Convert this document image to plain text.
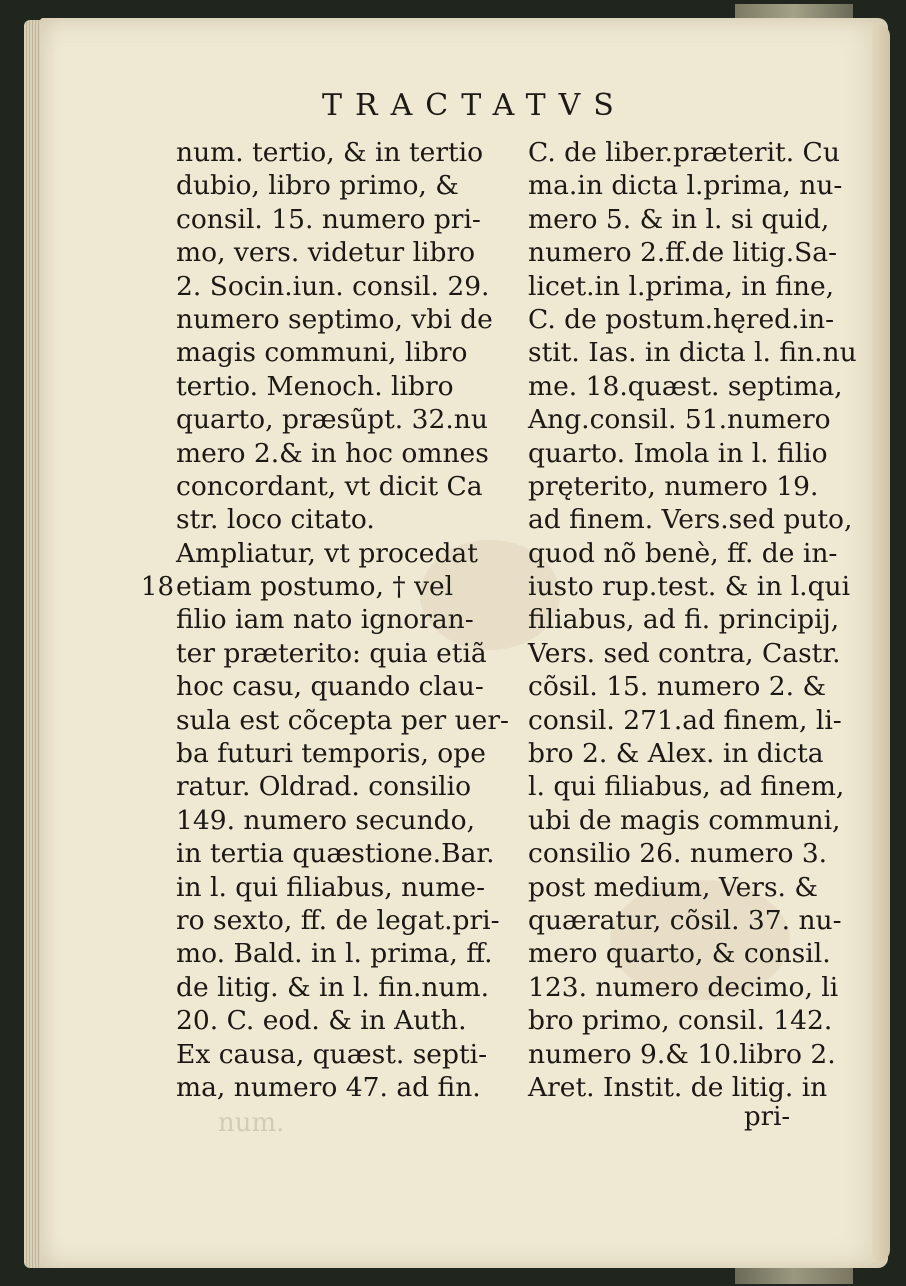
num.
TRACTATVS
num. tertio, & in tertio
dubio, libro primo, &
consil. 15. numero pri-
mo, vers. videtur libro
2. Socin.iun. consil. 29.
numero septimo, vbi de
magis communi, libro
tertio. Menoch. libro
quarto, præsũpt. 32.nu
mero 2.& in hoc omnes
concordant, vt dicit Ca
str. loco citato.
Ampliatur, vt procedat
etiam postumo, † vel
filio iam nato ignoran-
ter præterito: quia etiã
hoc casu, quando clau-
sula est cõcepta per uer-
ba futuri temporis, ope
ratur. Oldrad. consilio
149. numero secundo,
in tertia quæstione.Bar.
in l. qui filiabus, nume-
ro sexto, ff. de legat.pri-
mo. Bald. in l. prima, ff.
de litig. & in l. fin.num.
20. C. eod. & in Auth.
Ex causa, quæst. septi-
ma, numero 47. ad fin.
C. de liber.præterit. Cu
ma.in dicta l.prima, nu-
mero 5. & in l. si quid,
numero 2.ff.de litig.Sa-
licet.in l.prima, in fine,
C. de postum.hęred.in-
stit. Ias. in dicta l. fin.nu
me. 18.quæst. septima,
Ang.consil. 51.numero
quarto. Imola in l. filio
pręterito, numero 19.
ad finem. Vers.sed puto,
quod nõ benè, ff. de in-
iusto rup.test. & in l.qui
filiabus, ad fi. principij,
Vers. sed contra, Castr.
cõsil. 15. numero 2. &
consil. 271.ad finem, li-
bro 2. & Alex. in dicta
l. qui filiabus, ad finem,
ubi de magis communi,
consilio 26. numero 3.
post medium, Vers. &
quæratur, cõsil. 37. nu-
mero quarto, & consil.
123. numero decimo, li
bro primo, consil. 142.
numero 9.& 10.libro 2.
Aret. Instit. de litig. in
18
pri-
